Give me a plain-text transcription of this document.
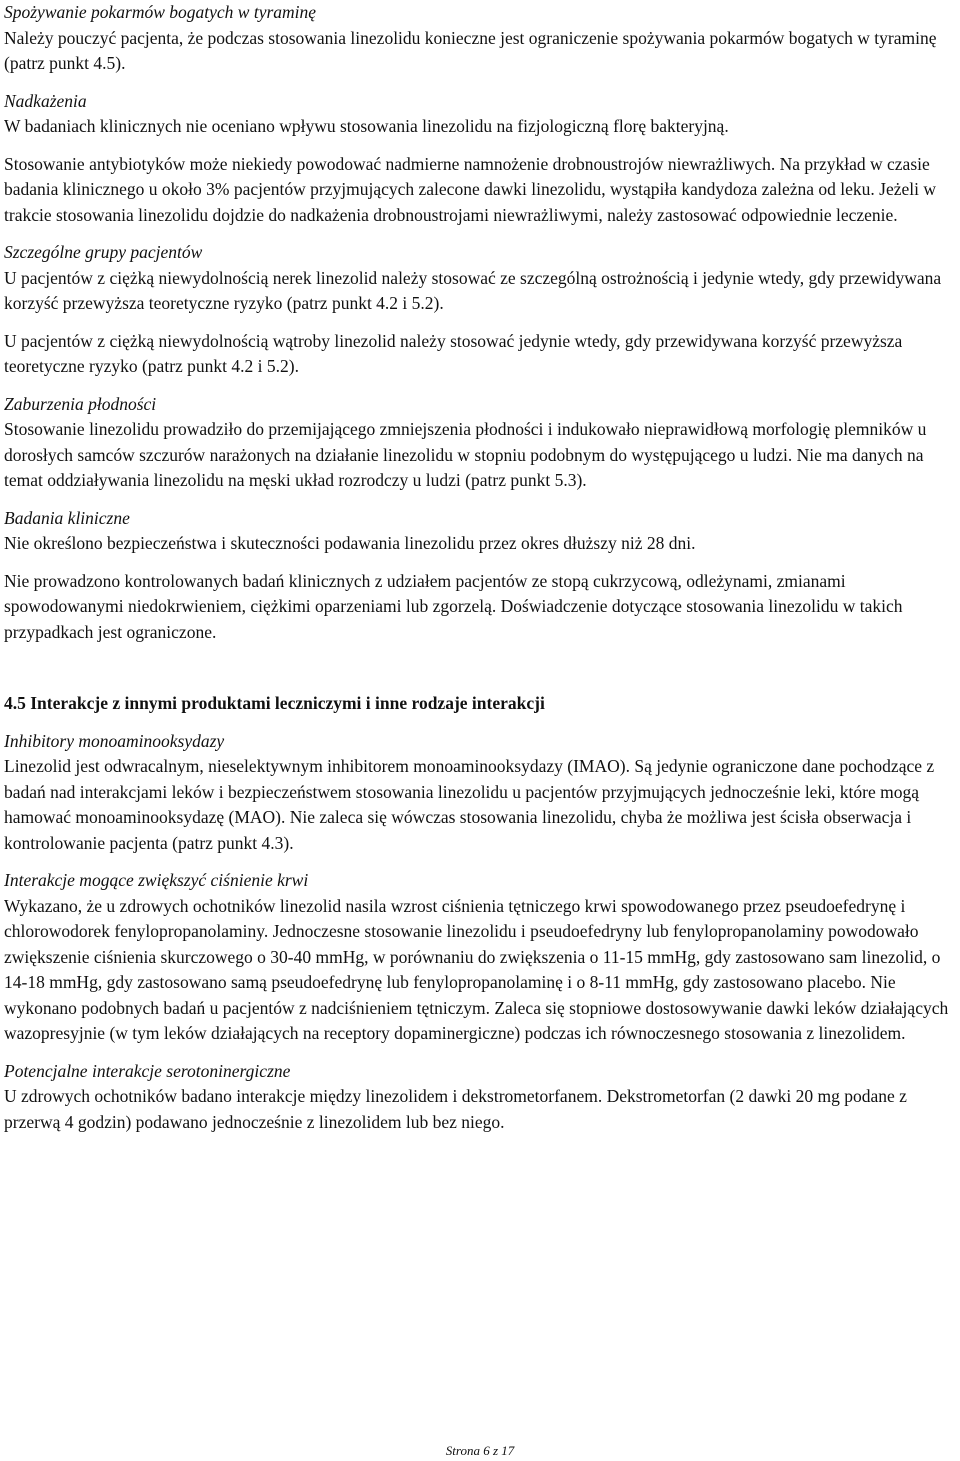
Spożywanie pokarmów bogatych w tyraminę

Należy pouczyć pacjenta, że podczas stosowania linezolidu konieczne jest ograniczenie spożywania pokarmów bogatych w tyraminę (patrz punkt 4.5).

Nadkażenia

W badaniach klinicznych nie oceniano wpływu stosowania linezolidu na fizjologiczną florę bakteryjną.

Stosowanie antybiotyków może niekiedy powodować nadmierne namnożenie drobnoustrojów niewrażliwych. Na przykład w czasie badania klinicznego u około 3% pacjentów przyjmujących zalecone dawki linezolidu, wystąpiła kandydoza zależna od leku. Jeżeli w trakcie stosowania linezolidu dojdzie do nadkażenia drobnoustrojami niewrażliwymi, należy zastosować odpowiednie leczenie.

Szczególne grupy pacjentów

U pacjentów z ciężką niewydolnością nerek linezolid należy stosować ze szczególną ostrożnością i jedynie wtedy, gdy przewidywana korzyść przewyższa teoretyczne ryzyko (patrz punkt 4.2 i 5.2).

U pacjentów z ciężką niewydolnością wątroby linezolid należy stosować jedynie wtedy, gdy przewidywana korzyść przewyższa teoretyczne ryzyko (patrz punkt 4.2 i 5.2).

Zaburzenia płodności

Stosowanie linezolidu prowadziło do przemijającego zmniejszenia płodności i indukowało nieprawidłową morfologię plemników u dorosłych samców szczurów narażonych na działanie linezolidu w stopniu podobnym do występującego u ludzi. Nie ma danych na temat oddziaływania linezolidu na męski układ rozrodczy u ludzi (patrz punkt 5.3).

Badania kliniczne

Nie określono bezpieczeństwa i skuteczności podawania linezolidu przez okres dłuższy niż 28 dni.

Nie prowadzono kontrolowanych badań klinicznych z udziałem pacjentów ze stopą cukrzycową, odleżynami, zmianami spowodowanymi niedokrwieniem, ciężkimi oparzeniami lub zgorzelą. Doświadczenie dotyczące stosowania linezolidu w takich przypadkach jest ograniczone.

4.5 Interakcje z innymi produktami leczniczymi i inne rodzaje interakcji

Inhibitory monoaminooksydazy

Linezolid jest odwracalnym, nieselektywnym inhibitorem monoaminooksydazy (IMAO). Są jedynie ograniczone dane pochodzące z badań nad interakcjami leków i bezpieczeństwem stosowania linezolidu u pacjentów przyjmujących jednocześnie leki, które mogą hamować monoaminooksydazę (MAO). Nie zaleca się wówczas stosowania linezolidu, chyba że możliwa jest ścisła obserwacja i kontrolowanie pacjenta (patrz punkt 4.3).

Interakcje mogące zwiększyć ciśnienie krwi

Wykazano, że u zdrowych ochotników linezolid nasila wzrost ciśnienia tętniczego krwi spowodowanego przez pseudoefedrynę i chlorowodorek fenylopropanolaminy. Jednoczesne stosowanie linezolidu i pseudoefedryny lub fenylopropanolaminy powodowało zwiększenie ciśnienia skurczowego o 30-40 mmHg, w porównaniu do zwiększenia o 11-15 mmHg, gdy zastosowano sam linezolid, o 14-18 mmHg, gdy zastosowano samą pseudoefedrynę lub fenylopropanolaminę i o 8-11 mmHg, gdy zastosowano placebo. Nie wykonano podobnych badań u pacjentów z nadciśnieniem tętniczym. Zaleca się stopniowe dostosowywanie dawki leków działających wazopresyjnie (w tym leków działających na receptory dopaminergiczne) podczas ich równoczesnego stosowania z linezolidem.

Potencjalne interakcje serotoninergiczne

U zdrowych ochotników badano interakcje między linezolidem i dekstrometorfanem. Dekstrometorfan (2 dawki 20 mg podane z przerwą 4 godzin) podawano jednocześnie z linezolidem lub bez niego.

Strona 6 z 17
